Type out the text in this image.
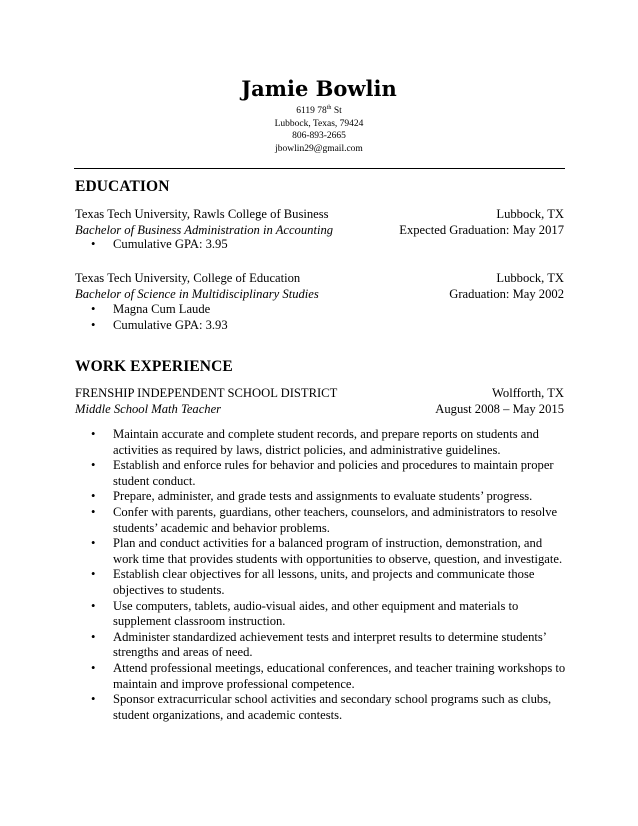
Jamie Bowlin
6119 78th St
Lubbock, Texas, 79424
806-893-2665
jbowlin29@gmail.com
EDUCATION
Texas Tech University, Rawls College of Business	Lubbock, TX
Bachelor of Business Administration in Accounting	Expected Graduation: May 2017
• Cumulative GPA: 3.95
Texas Tech University, College of Education	Lubbock, TX
Bachelor of Science in Multidisciplinary Studies	Graduation: May 2002
• Magna Cum Laude
• Cumulative GPA: 3.93
WORK EXPERIENCE
FRENSHIP INDEPENDENT SCHOOL DISTRICT	Wolfforth, TX
Middle School Math Teacher	August 2008 – May 2015
• Maintain accurate and complete student records, and prepare reports on students and activities as required by laws, district policies, and administrative guidelines.
• Establish and enforce rules for behavior and policies and procedures to maintain proper student conduct.
• Prepare, administer, and grade tests and assignments to evaluate students’ progress.
• Confer with parents, guardians, other teachers, counselors, and administrators to resolve students’ academic and behavior problems.
• Plan and conduct activities for a balanced program of instruction, demonstration, and work time that provides students with opportunities to observe, question, and investigate.
• Establish clear objectives for all lessons, units, and projects and communicate those objectives to students.
• Use computers, tablets, audio-visual aides, and other equipment and materials to supplement classroom instruction.
• Administer standardized achievement tests and interpret results to determine students’ strengths and areas of need.
• Attend professional meetings, educational conferences, and teacher training workshops to maintain and improve professional competence.
• Sponsor extracurricular school activities and secondary school programs such as clubs, student organizations, and academic contests.
